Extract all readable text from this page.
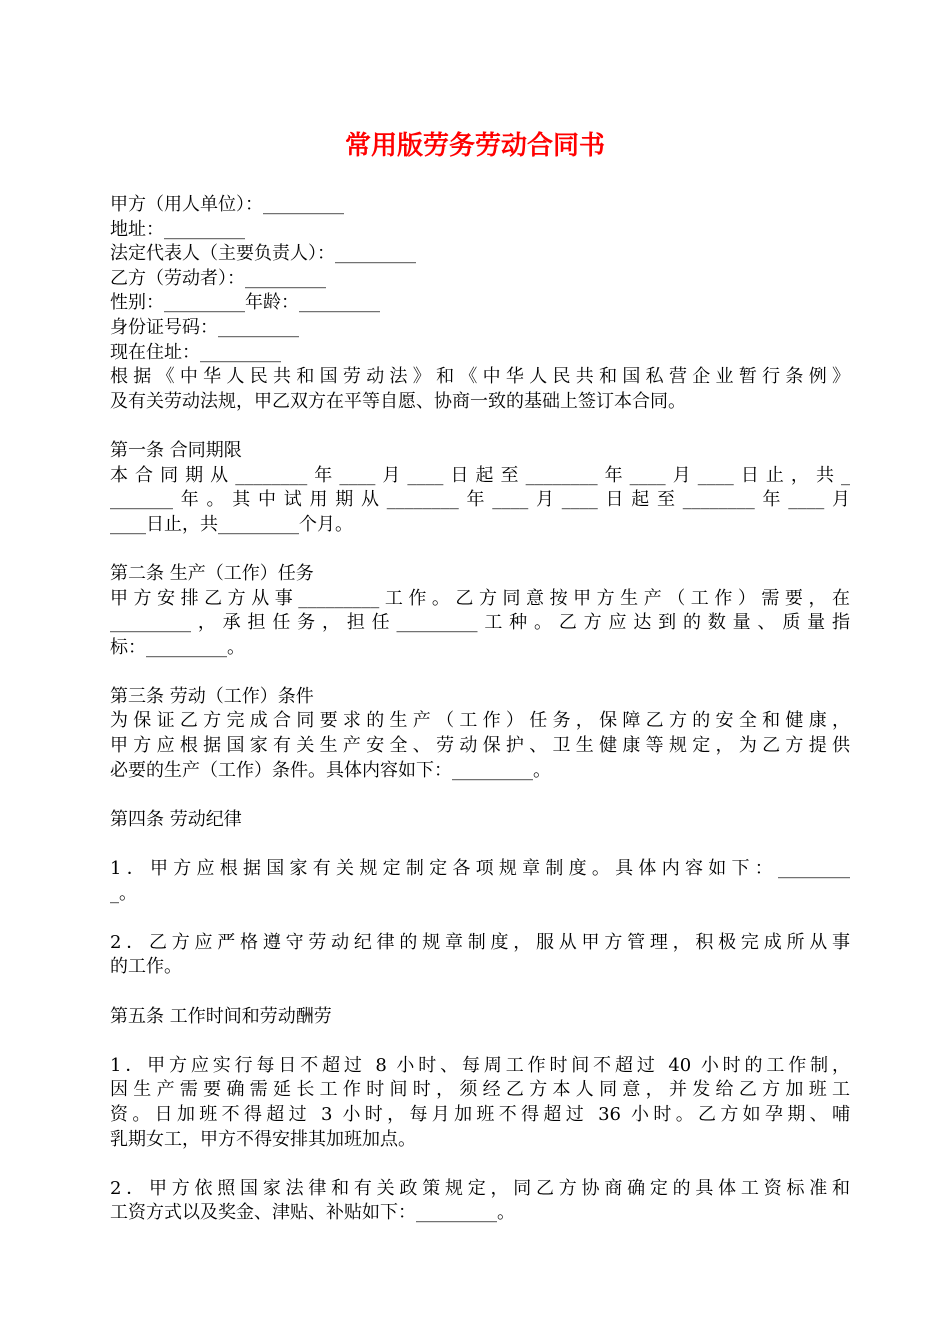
常用版劳务劳动合同书
甲方（用人单位）：_________
地址：_________
法定代表人（主要负责人）：_________
乙方（劳动者）：_________
性别：_________年龄：_________
身份证号码：_________
现在住址：_________
根据《中华人民共和国劳动法》和《中华人民共和国私营企业暂行条例》
及有关劳动法规，甲乙双方在平等自愿、协商一致的基础上签订本合同。
第一条 合同期限
本合同期从________年____月____日起至________年____月____日止，共_
_______年。其中试用期从________年____月____日起至________年____月
____日止，共_________个月。
第二条 生产（工作）任务
甲方安排乙方从事_________工作。乙方同意按甲方生产（工作）需要，在
_________，承担任务，担任_________工种。乙方应达到的数量、质量指
标：_________。
第三条 劳动（工作）条件
为保证乙方完成合同要求的生产（工作）任务，保障乙方的安全和健康，
甲方应根据国家有关生产安全、劳动保护、卫生健康等规定，为乙方提供
必要的生产（工作）条件。具体内容如下：_________。
第四条 劳动纪律
1．甲方应根据国家有关规定制定各项规章制度。具体内容如下：________
_。
2．乙方应严格遵守劳动纪律的规章制度，服从甲方管理，积极完成所从事
的工作。
第五条 工作时间和劳动酬劳
1．甲方应实行每日不超过 8 小时、每周工作时间不超过 40 小时的工作制，
因生产需要确需延长工作时间时，须经乙方本人同意，并发给乙方加班工
资。日加班不得超过 3 小时，每月加班不得超过 36 小时。乙方如孕期、哺
乳期女工，甲方不得安排其加班加点。
2．甲方依照国家法律和有关政策规定，同乙方协商确定的具体工资标准和
工资方式以及奖金、津贴、补贴如下：_________。
